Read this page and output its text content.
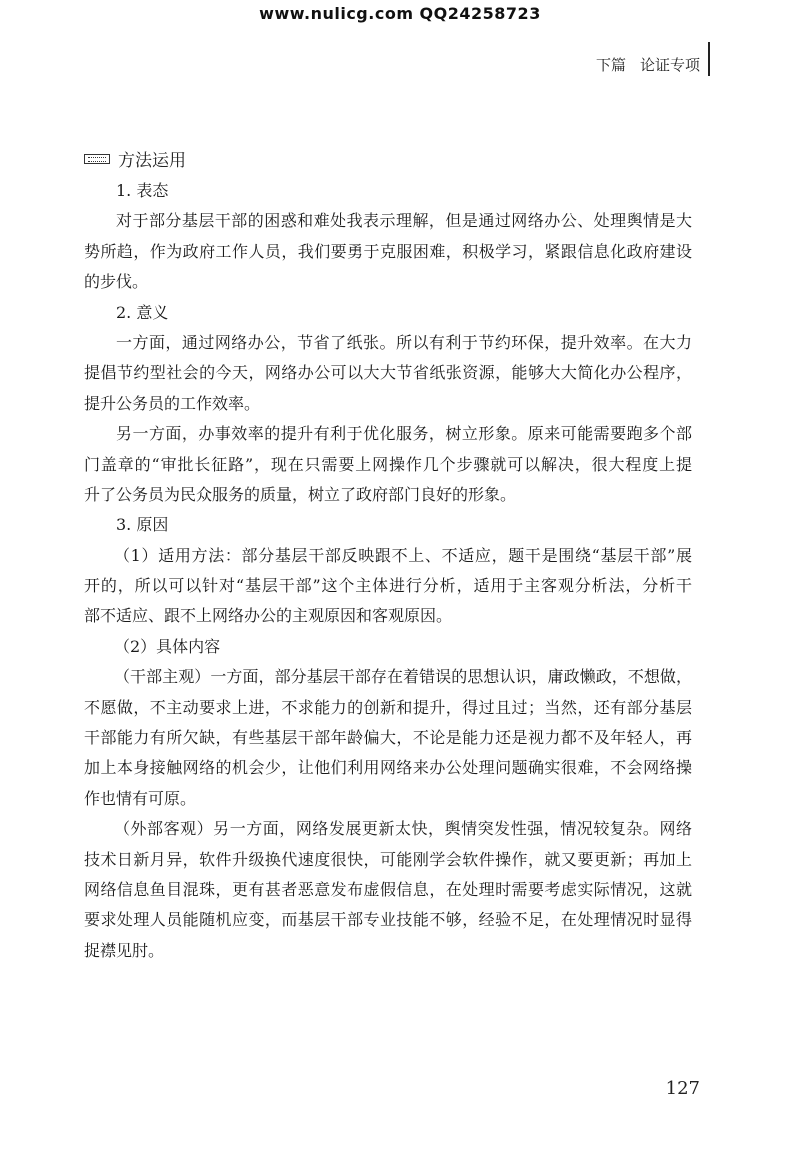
www.nulicg.com QQ24258723
下篇 论证专项
方法运用
1. 表态
对于部分基层干部的困惑和难处我表示理解，但是通过网络办公、处理舆情是大
势所趋，作为政府工作人员，我们要勇于克服困难，积极学习，紧跟信息化政府建设
的步伐。
2. 意义
一方面，通过网络办公，节省了纸张。所以有利于节约环保，提升效率。在大力
提倡节约型社会的今天，网络办公可以大大节省纸张资源，能够大大简化办公程序，
提升公务员的工作效率。
另一方面，办事效率的提升有利于优化服务，树立形象。原来可能需要跑多个部
门盖章的“审批长征路”，现在只需要上网操作几个步骤就可以解决，很大程度上提
升了公务员为民众服务的质量，树立了政府部门良好的形象。
3. 原因
（1）适用方法：部分基层干部反映跟不上、不适应，题干是围绕“基层干部”展
开的，所以可以针对“基层干部”这个主体进行分析，适用于主客观分析法，分析干
部不适应、跟不上网络办公的主观原因和客观原因。
（2）具体内容
（干部主观）一方面，部分基层干部存在着错误的思想认识，庸政懒政，不想做，
不愿做，不主动要求上进，不求能力的创新和提升，得过且过；当然，还有部分基层
干部能力有所欠缺，有些基层干部年龄偏大，不论是能力还是视力都不及年轻人，再
加上本身接触网络的机会少，让他们利用网络来办公处理问题确实很难，不会网络操
作也情有可原。
（外部客观）另一方面，网络发展更新太快，舆情突发性强，情况较复杂。网络
技术日新月异，软件升级换代速度很快，可能刚学会软件操作，就又要更新；再加上
网络信息鱼目混珠，更有甚者恶意发布虚假信息，在处理时需要考虑实际情况，这就
要求处理人员能随机应变，而基层干部专业技能不够，经验不足，在处理情况时显得
捉襟见肘。
127
